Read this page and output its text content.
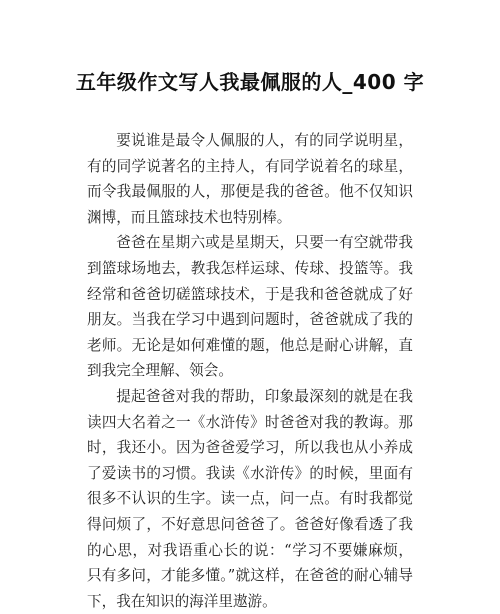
五年级作文写人我最佩服的人_400 字

要说谁是最令人佩服的人，有的同学说明星，有的同学说著名的主持人，有同学说着名的球星，而令我最佩服的人，那便是我的爸爸。他不仅知识渊博，而且篮球技术也特别棒。

爸爸在星期六或是星期天，只要一有空就带我到篮球场地去，教我怎样运球、传球、投篮等。我经常和爸爸切磋篮球技术，于是我和爸爸就成了好朋友。当我在学习中遇到问题时，爸爸就成了我的老师。无论是如何难懂的题，他总是耐心讲解，直到我完全理解、领会。

提起爸爸对我的帮助，印象最深刻的就是在我读四大名着之一《水浒传》时爸爸对我的教诲。那时，我还小。因为爸爸爱学习，所以我也从小养成了爱读书的习惯。我读《水浒传》的时候，里面有很多不认识的生字。读一点，问一点。有时我都觉得问烦了，不好意思问爸爸了。爸爸好像看透了我的心思，对我语重心长的说：“学习不要嫌麻烦，只有多问，才能多懂。”就这样，在爸爸的耐心辅导下，我在知识的海洋里遨游。
